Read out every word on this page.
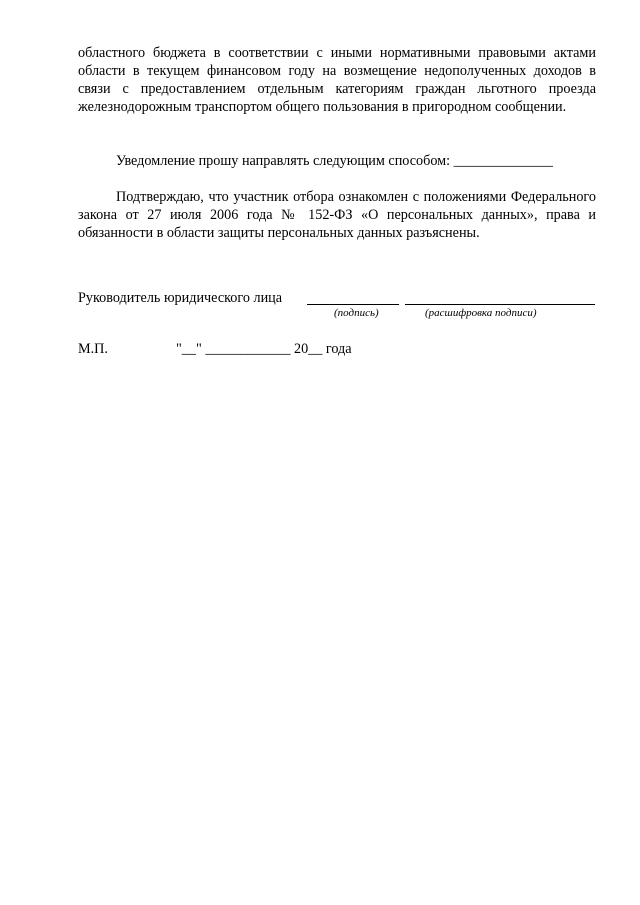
областного бюджета в соответствии с иными нормативными правовыми актами области в текущем финансовом году на возмещение недополученных доходов в связи с предоставлением отдельным категориям граждан льготного проезда железнодорожным транспортом общего пользования в пригородном сообщении.
Уведомление прошу направлять следующим способом: ______________
Подтверждаю, что участник отбора ознакомлен с положениями Федерального закона от 27 июля 2006 года № 152-ФЗ «О персональных данных», права и обязанности в области защиты персональных данных разъяснены.
Руководитель юридического лица
(подпись)	(расшифровка подписи)
М.П.	"__" ____________ 20__ года
